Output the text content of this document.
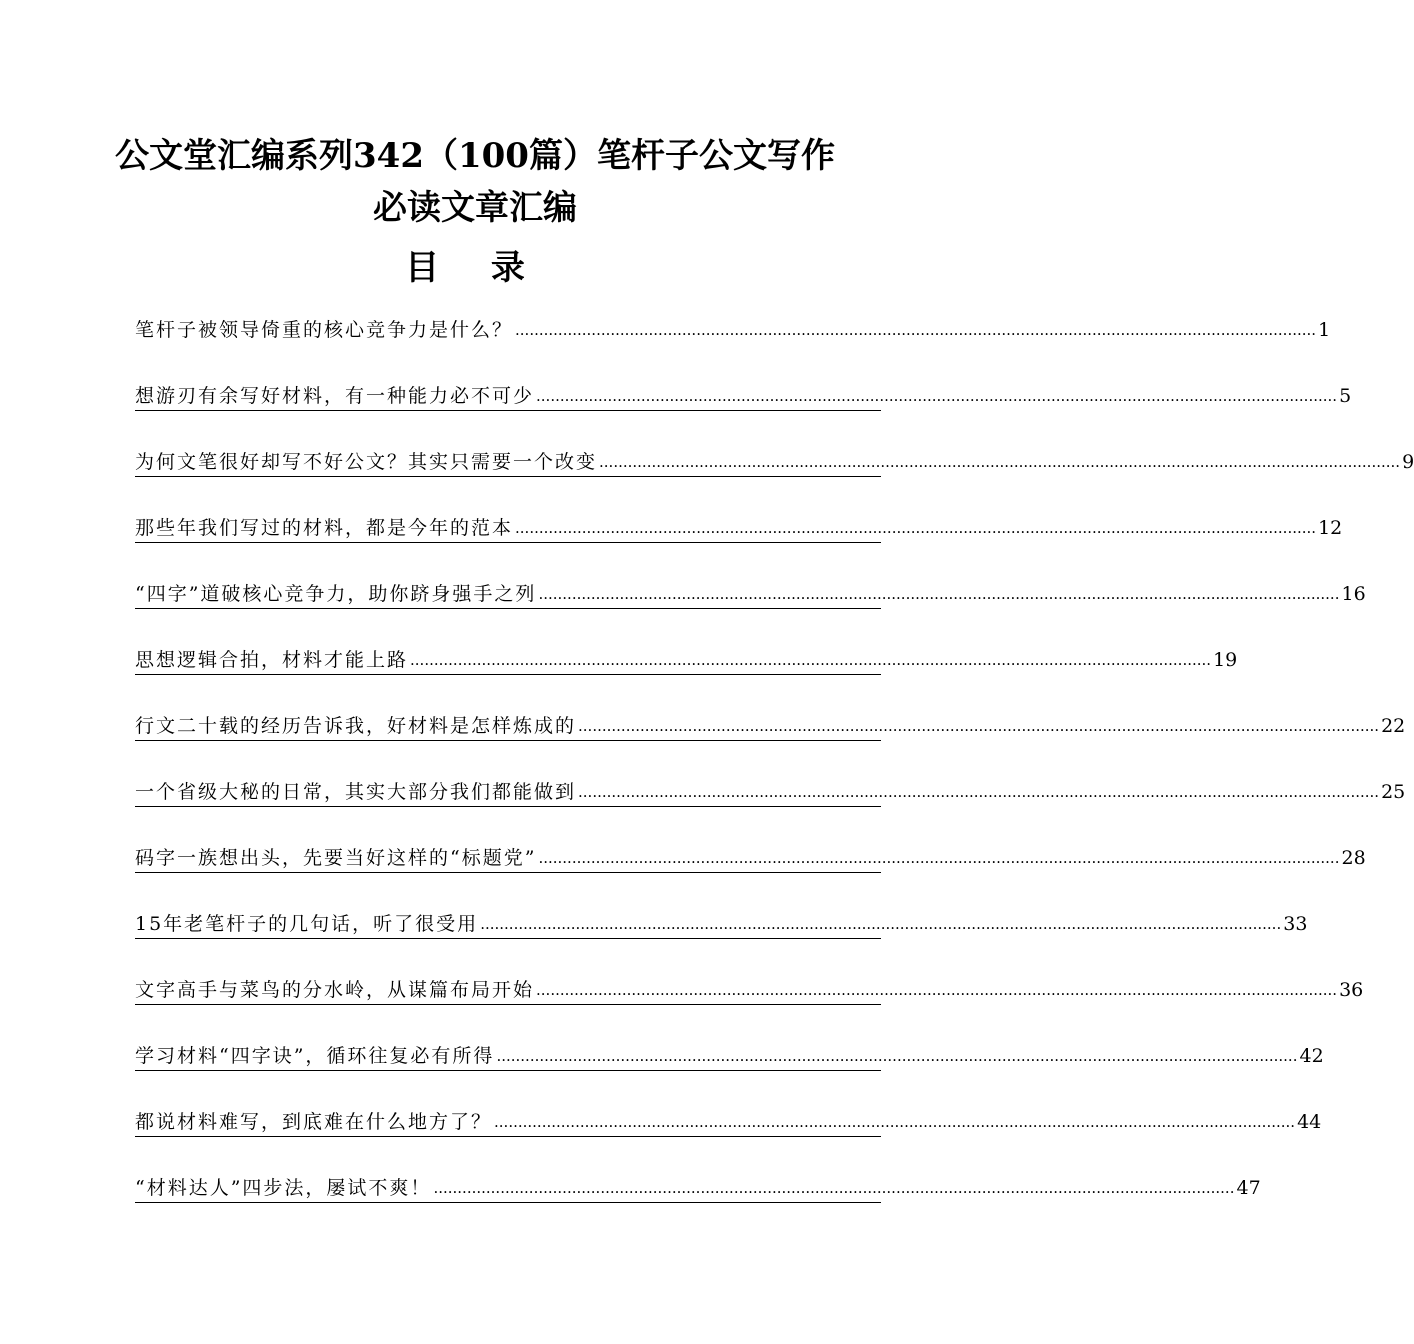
公文堂汇编系列342（100篇）笔杆子公文写作
必读文章汇编
目 录
笔杆子被领导倚重的核心竞争力是什么？ ........................................................................................................................................................................ 1
想游刃有余写好材料，有一种能力必不可少 ........................................................................................................................................................................ 5
为何文笔很好却写不好公文？其实只需要一个改变 ........................................................................................................................................................................ 9
那些年我们写过的材料，都是今年的范本 ........................................................................................................................................................................ 12
“四字”道破核心竞争力，助你跻身强手之列 ........................................................................................................................................................................ 16
思想逻辑合拍，材料才能上路 ........................................................................................................................................................................ 19
行文二十载的经历告诉我，好材料是怎样炼成的 ........................................................................................................................................................................ 22
一个省级大秘的日常，其实大部分我们都能做到 ........................................................................................................................................................................ 25
码字一族想出头，先要当好这样的“标题党” ........................................................................................................................................................................ 28
15年老笔杆子的几句话，听了很受用 ........................................................................................................................................................................ 33
文字高手与菜鸟的分水岭，从谋篇布局开始 ........................................................................................................................................................................ 36
学习材料“四字诀”，循环往复必有所得 ........................................................................................................................................................................ 42
都说材料难写，到底难在什么地方了？ ........................................................................................................................................................................ 44
“材料达人”四步法，屡试不爽！ ........................................................................................................................................................................ 47
